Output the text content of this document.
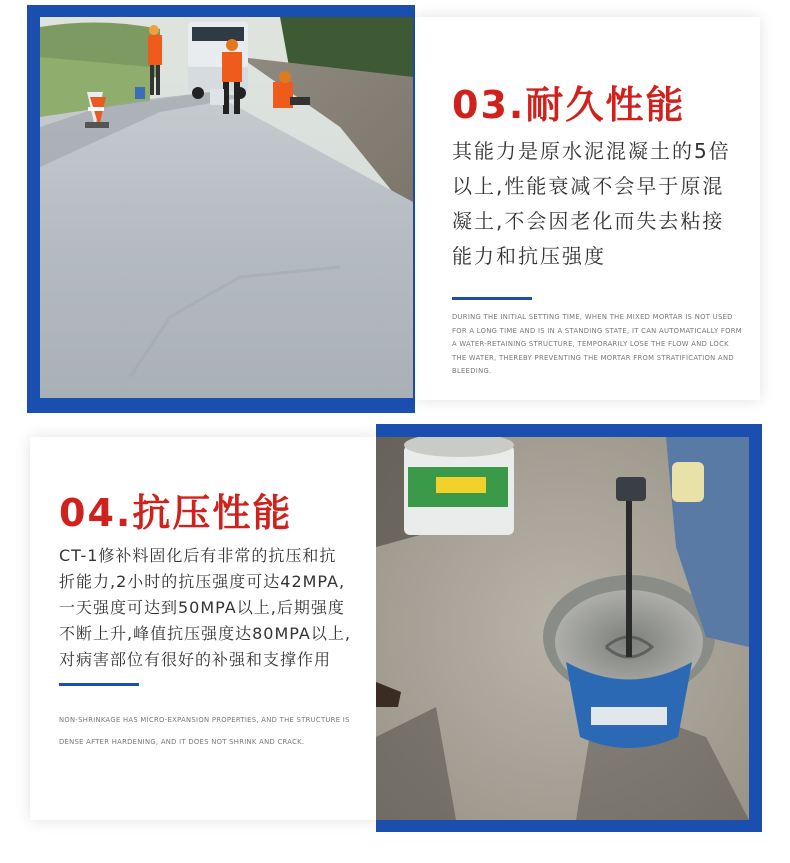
03.耐久性能
其能力是原水泥混凝土的5倍
以上,性能衰减不会早于原混
凝土,不会因老化而失去粘接
能力和抗压强度
DURING THE INITIAL SETTING TIME, WHEN THE MIXED MORTAR IS NOT USED
FOR A LONG TIME AND IS IN A STANDING STATE, IT CAN AUTOMATICALLY FORM
A WATER-RETAINING STRUCTURE, TEMPORARILY LOSE THE FLOW AND LOCK
THE WATER, THEREBY PREVENTING THE MORTAR FROM STRATIFICATION AND
BLEEDING.
04.抗压性能
CT-1修补料固化后有非常的抗压和抗
折能力,2小时的抗压强度可达42MPA,
一天强度可达到50MPA以上,后期强度
不断上升,峰值抗压强度达80MPA以上,
对病害部位有很好的补强和支撑作用
NON-SHRINKAGE HAS MICRO-EXPANSION PROPERTIES, AND THE STRUCTURE IS
DENSE AFTER HARDENING, AND IT DOES NOT SHRINK AND CRACK.
